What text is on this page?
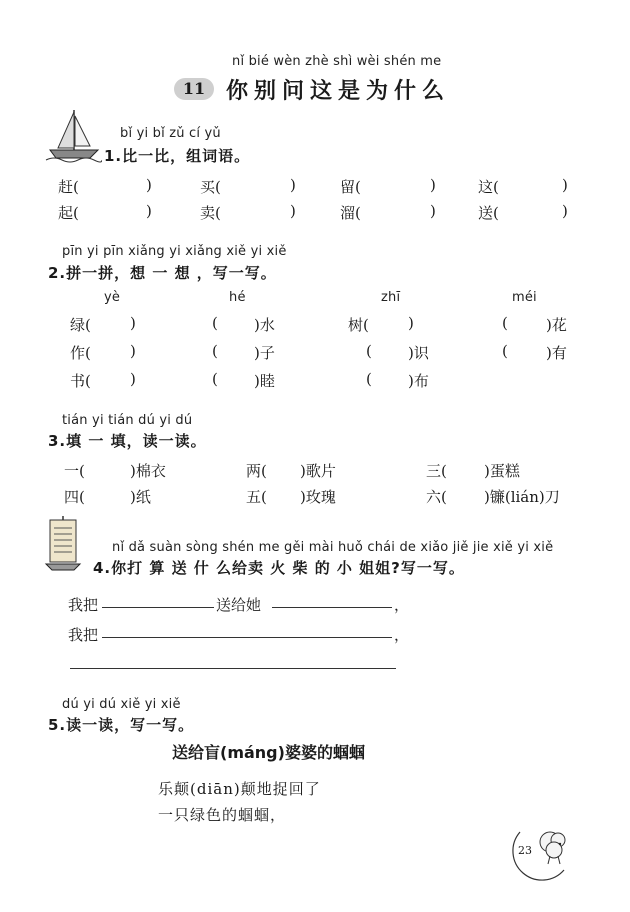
nǐ bié wèn zhè shì wèi shén me
11 你别问这是为什么
bǐ yi bǐ zǔ cí yǔ
1.比一比，组词语。
赶(	)	买(	)	留(	)	这(	)
起(	)	卖(	)	溜(	)	送(	)
pīn yi pīn xiǎng yi xiǎng xiě yi xiě
2.拼一拼，想 一 想 ，写一写。
yè	hé	zhī	méi
绿(	)	( )水	树(	)	(	)花
作(	)	( )子	( )识	(	)有
书(	)	( )睦	( )布
tián yi tián dú yi dú
3.填 一 填，读一读。
一(	)棉衣	两( )歌片	三( )蛋糕
四(	)纸	五( )玫瑰	六( )镰(lián)刀
nǐ dǎ suàn sòng shén me gěi mài huǒ chái de xiǎo jiě jie xiě yi xiě
4.你打 算 送 什 么给卖 火 柴 的 小 姐姐?写一写。
我把	送给她	，
我把	，
dú yi dú xiě yi xiě
5.读一读，写一写。
送给盲(máng)婆婆的蝈蝈
乐颠(diān)颠地捉回了
一只绿色的蝈蝈，
23
